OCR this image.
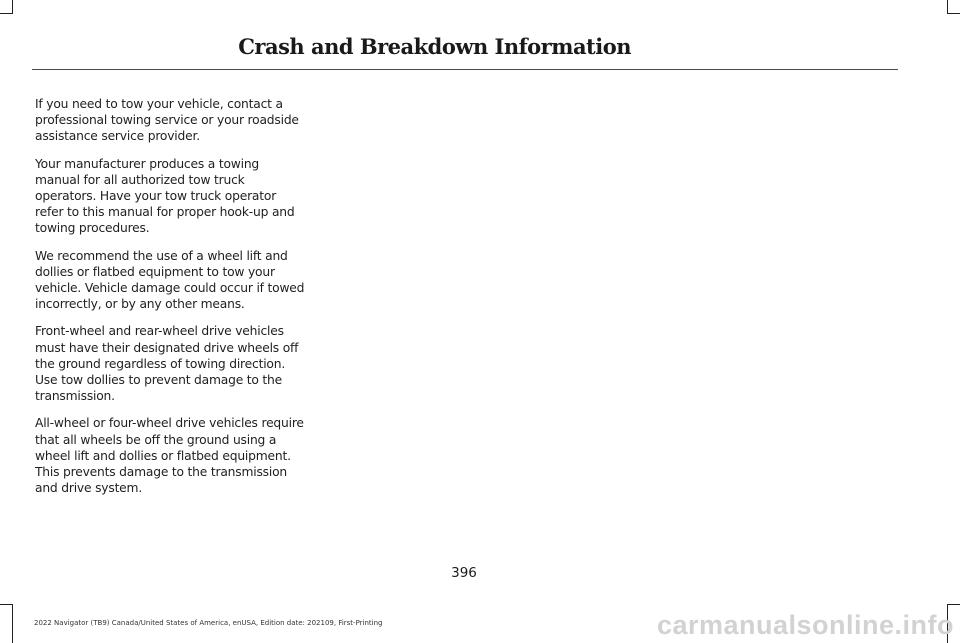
Crash and Breakdown Information

If you need to tow your vehicle, contact a professional towing service or your roadside assistance service provider.

Your manufacturer produces a towing manual for all authorized tow truck operators. Have your tow truck operator refer to this manual for proper hook-up and towing procedures.

We recommend the use of a wheel lift and dollies or flatbed equipment to tow your vehicle. Vehicle damage could occur if towed incorrectly, or by any other means.

Front-wheel and rear-wheel drive vehicles must have their designated drive wheels off the ground regardless of towing direction. Use tow dollies to prevent damage to the transmission.

All-wheel or four-wheel drive vehicles require that all wheels be off the ground using a wheel lift and dollies or flatbed equipment. This prevents damage to the transmission and drive system.

396
2022 Navigator (TB9) Canada/United States of America, enUSA, Edition date: 202109, First-Printing	carmanualsonline.info
